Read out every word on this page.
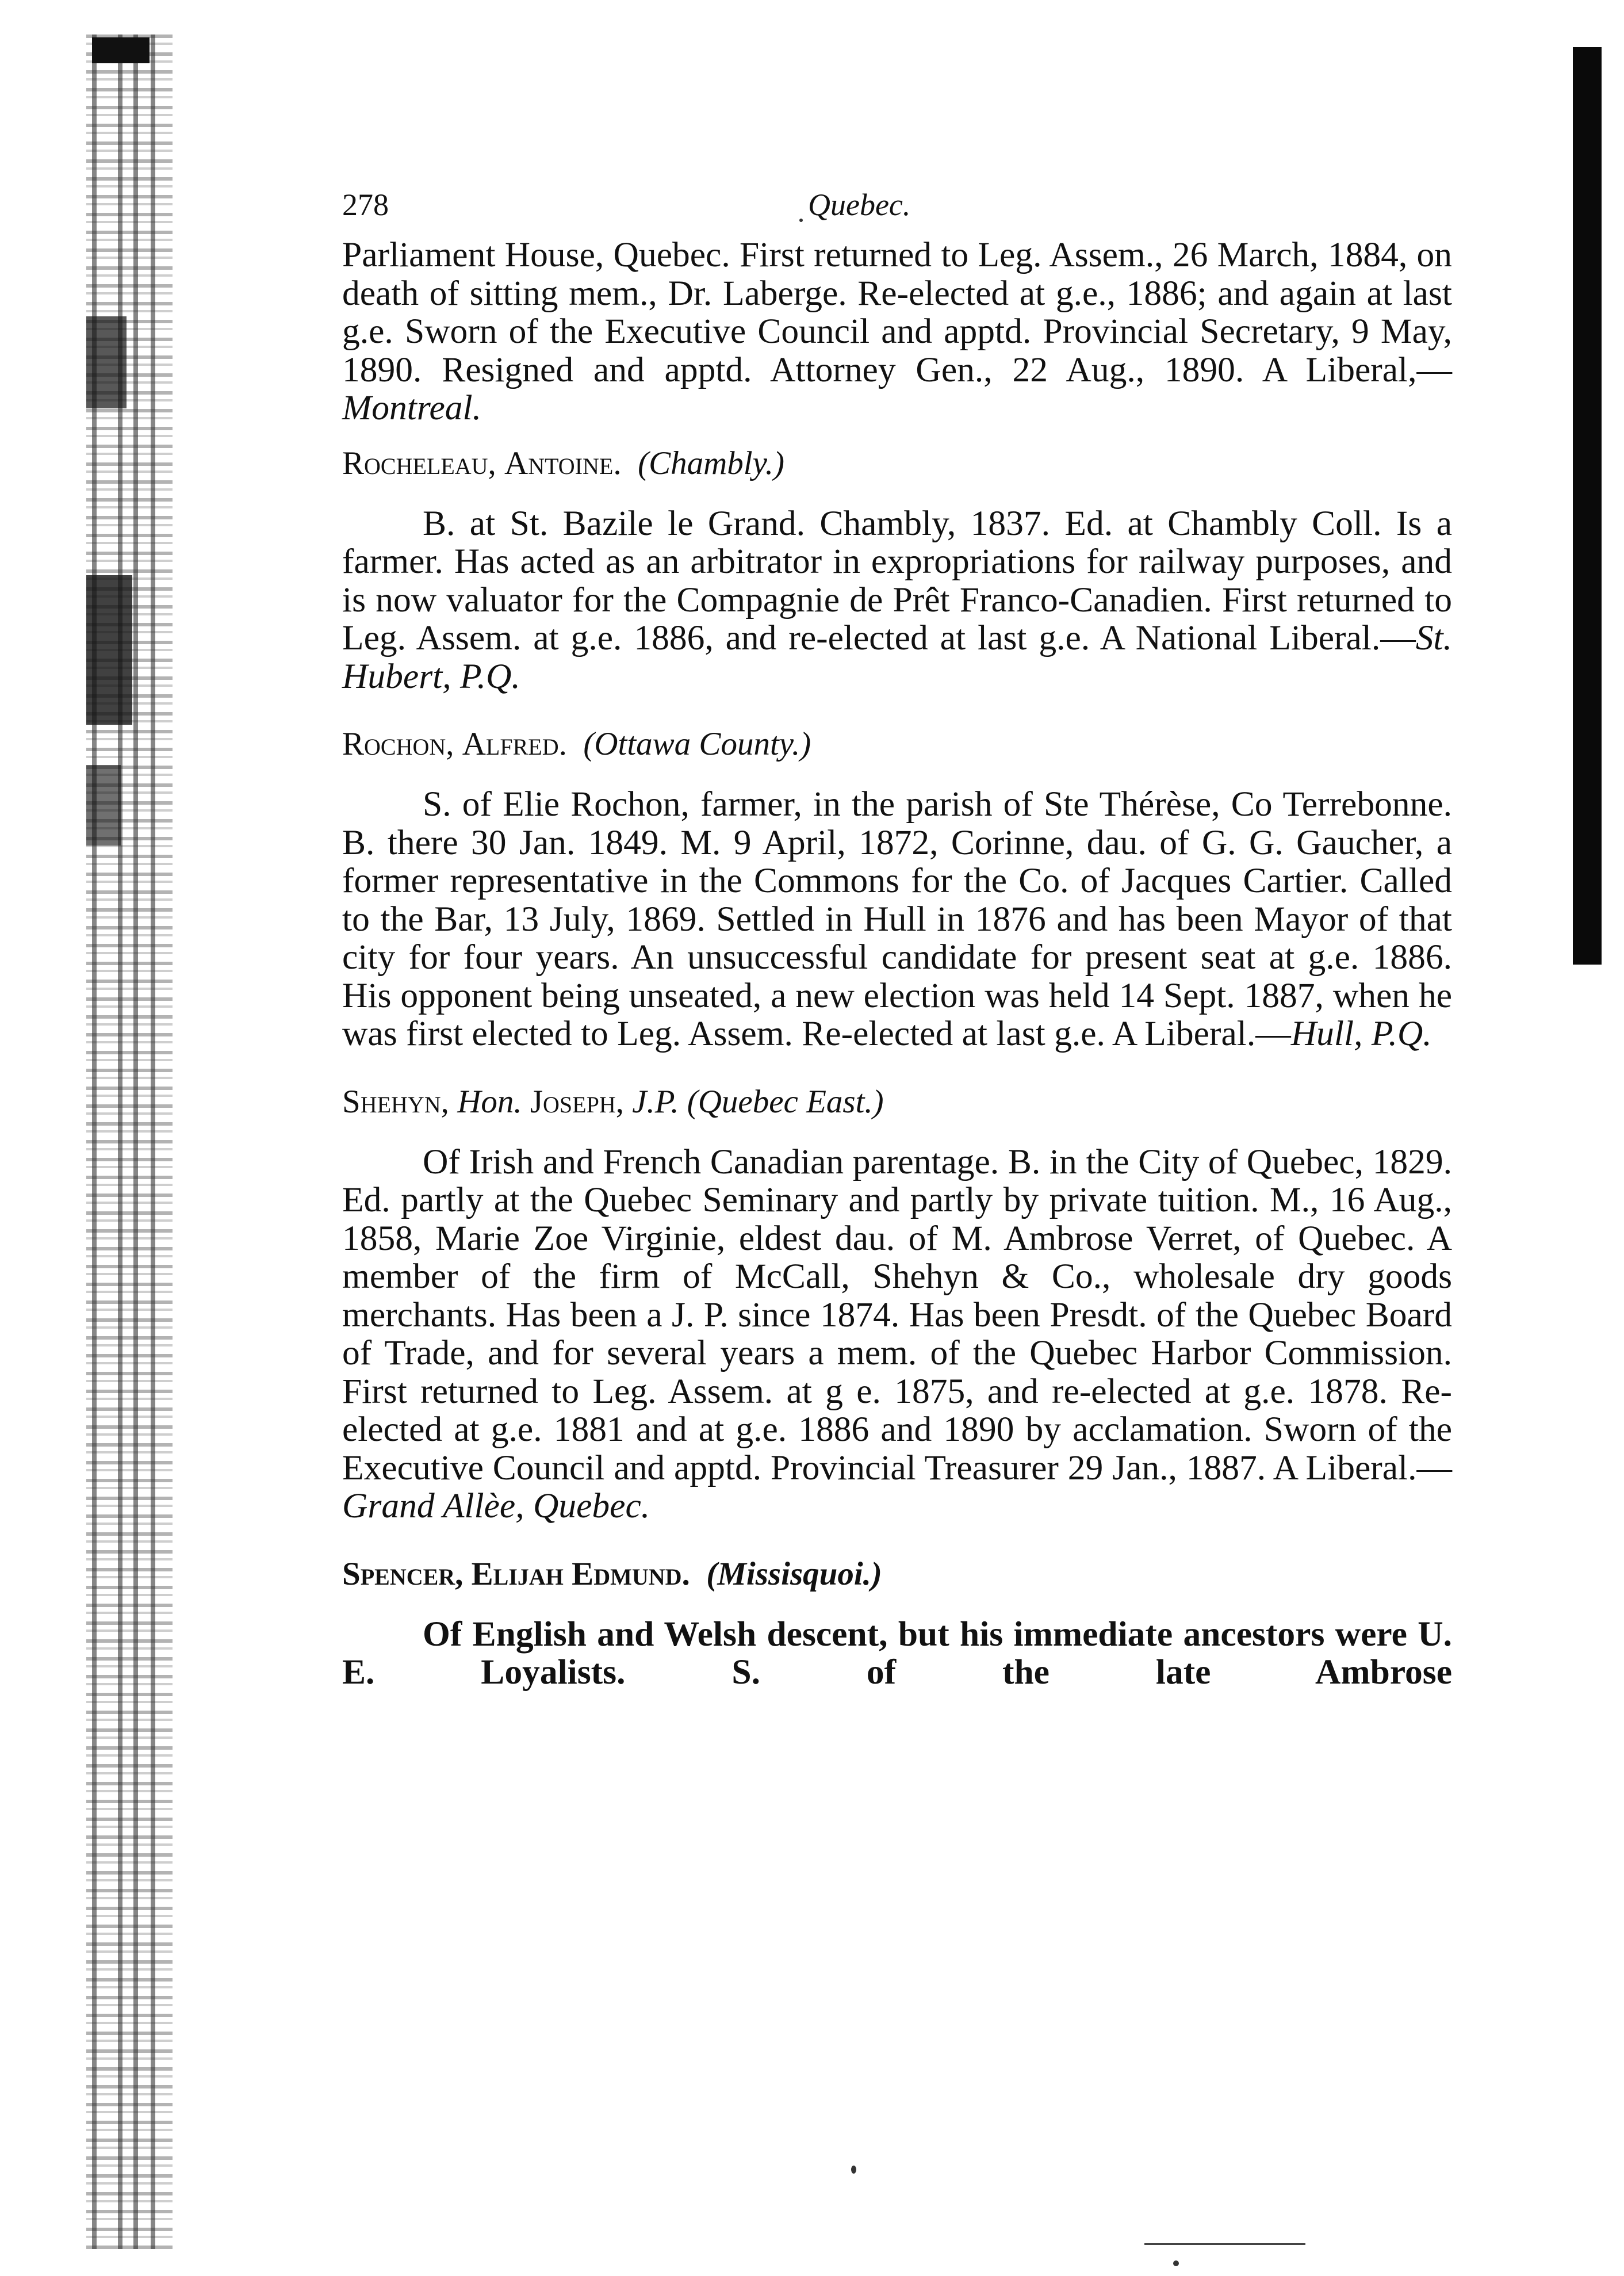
278	Quebec.

Parliament House, Quebec. First returned to Leg. Assem., 26 March, 1884, on death of sitting mem., Dr. Laberge. Re-elected at g.e., 1886; and again at last g.e. Sworn of the Executive Council and apptd. Provincial Secretary, 9 May, 1890. Resigned and apptd. Attorney Gen., 22 Aug., 1890. A Liberal,—Montreal.

Rocheleau, Antoine. (Chambly.)

B. at St. Bazile le Grand. Chambly, 1837. Ed. at Chambly Coll. Is a farmer. Has acted as an arbitrator in expropriations for railway purposes, and is now valuator for the Compagnie de Prêt Franco-Canadien. First returned to Leg. Assem. at g.e. 1886, and re-elected at last g.e. A National Liberal.—St. Hubert, P.Q.

Rochon, Alfred. (Ottawa County.)

S. of Elie Rochon, farmer, in the parish of Ste Thérèse, Co Terrebonne. B. there 30 Jan. 1849. M. 9 April, 1872, Corinne, dau. of G. G. Gaucher, a former representative in the Commons for the Co. of Jacques Cartier. Called to the Bar, 13 July, 1869. Settled in Hull in 1876 and has been Mayor of that city for four years. An unsuccessful candidate for present seat at g.e. 1886. His opponent being unseated, a new election was held 14 Sept. 1887, when he was first elected to Leg. Assem. Re-elected at last g.e. A Liberal.—Hull, P.Q.

Shehyn, Hon. Joseph, J.P. (Quebec East.)

Of Irish and French Canadian parentage. B. in the City of Quebec, 1829. Ed. partly at the Quebec Seminary and partly by private tuition. M., 16 Aug., 1858, Marie Zoe Virginie, eldest dau. of M. Ambrose Verret, of Quebec. A member of the firm of McCall, Shehyn & Co., wholesale dry goods merchants. Has been a J. P. since 1874. Has been Presdt. of the Quebec Board of Trade, and for several years a mem. of the Quebec Harbor Commission. First returned to Leg. Assem. at g e. 1875, and re-elected at g.e. 1878. Re-elected at g.e. 1881 and at g.e. 1886 and 1890 by acclamation. Sworn of the Executive Council and apptd. Provincial Treasurer 29 Jan., 1887. A Liberal.—Grand Allèe, Quebec.

Spencer, Elijah Edmund. (Missisquoi.)

Of English and Welsh descent, but his immediate ancestors were U. E. Loyalists. S. of the late Ambrose
